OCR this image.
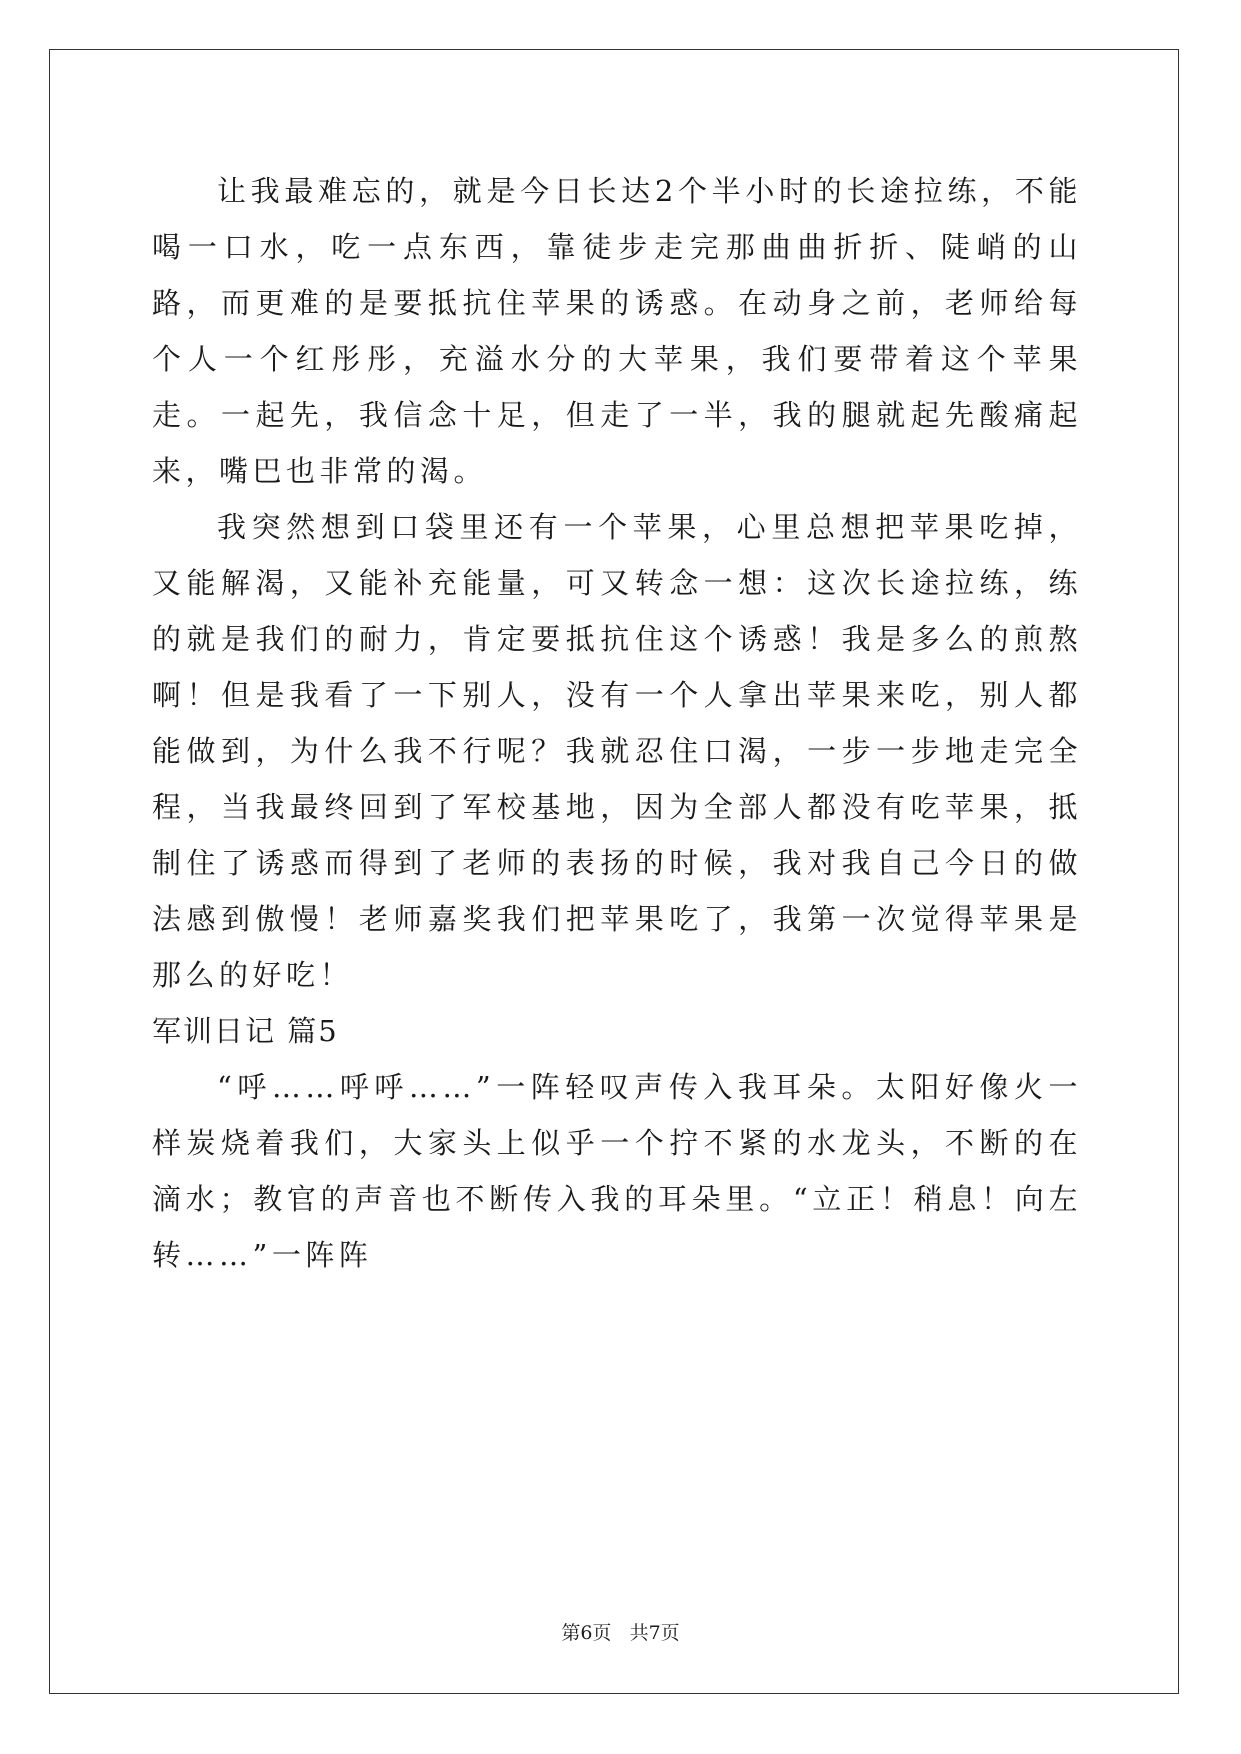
让我最难忘的，就是今日长达2个半小时的长途拉练，不能喝一口水，吃一点东西，靠徒步走完那曲曲折折、陡峭的山路，而更难的是要抵抗住苹果的诱惑。在动身之前，老师给每个人一个红彤彤，充溢水分的大苹果，我们要带着这个苹果走。一起先，我信念十足，但走了一半，我的腿就起先酸痛起来，嘴巴也非常的渴。

我突然想到口袋里还有一个苹果，心里总想把苹果吃掉，又能解渴，又能补充能量，可又转念一想：这次长途拉练，练的就是我们的耐力，肯定要抵抗住这个诱惑！我是多么的煎熬啊！但是我看了一下别人，没有一个人拿出苹果来吃，别人都能做到，为什么我不行呢？我就忍住口渴，一步一步地走完全程，当我最终回到了军校基地，因为全部人都没有吃苹果，抵制住了诱惑而得到了老师的表扬的时候，我对我自己今日的做法感到傲慢！老师嘉奖我们把苹果吃了，我第一次觉得苹果是那么的好吃！

军训日记 篇5

“呼……呼呼……”一阵轻叹声传入我耳朵。太阳好像火一样炭烧着我们，大家头上似乎一个拧不紧的水龙头，不断的在滴水；教官的声音也不断传入我的耳朵里。“立正！稍息！向左转……”一阵阵

第6页 共7页
